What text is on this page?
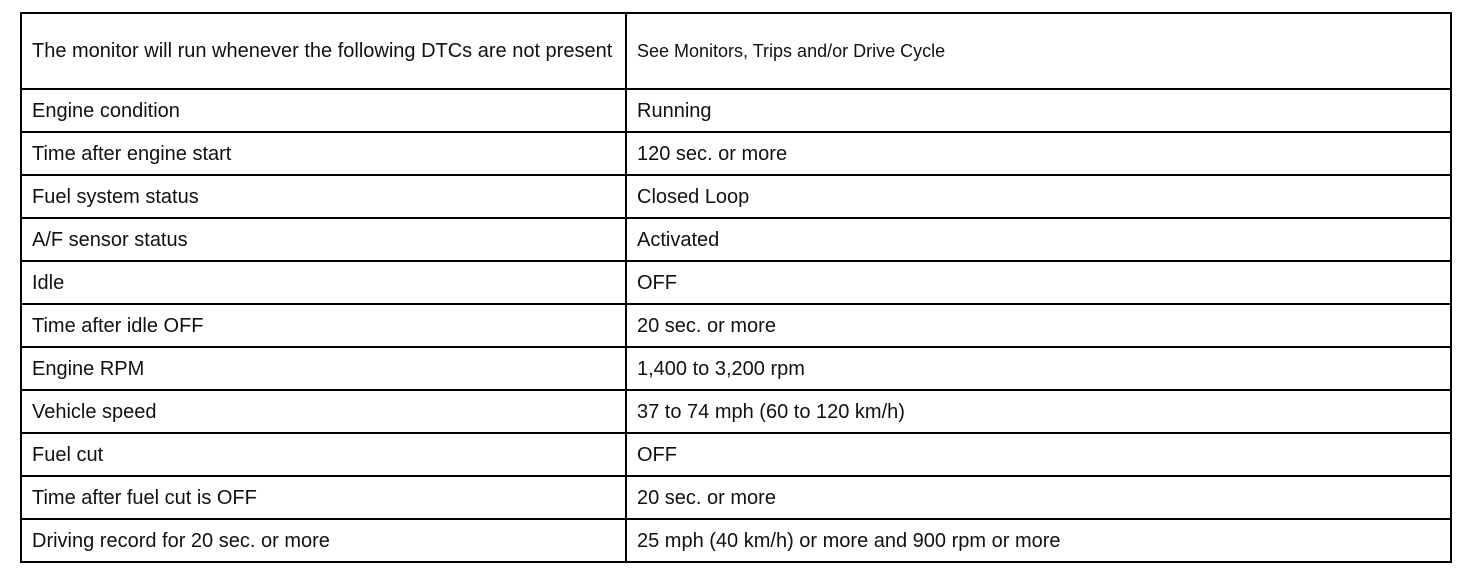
The monitor will run whenever the following DTCs are not present	See Monitors, Trips and/or Drive Cycle
Engine condition	Running
Time after engine start	120 sec. or more
Fuel system status	Closed Loop
A/F sensor status	Activated
Idle	OFF
Time after idle OFF	20 sec. or more
Engine RPM	1,400 to 3,200 rpm
Vehicle speed	37 to 74 mph (60 to 120 km/h)
Fuel cut	OFF
Time after fuel cut is OFF	20 sec. or more
Driving record for 20 sec. or more	25 mph (40 km/h) or more and 900 rpm or more
